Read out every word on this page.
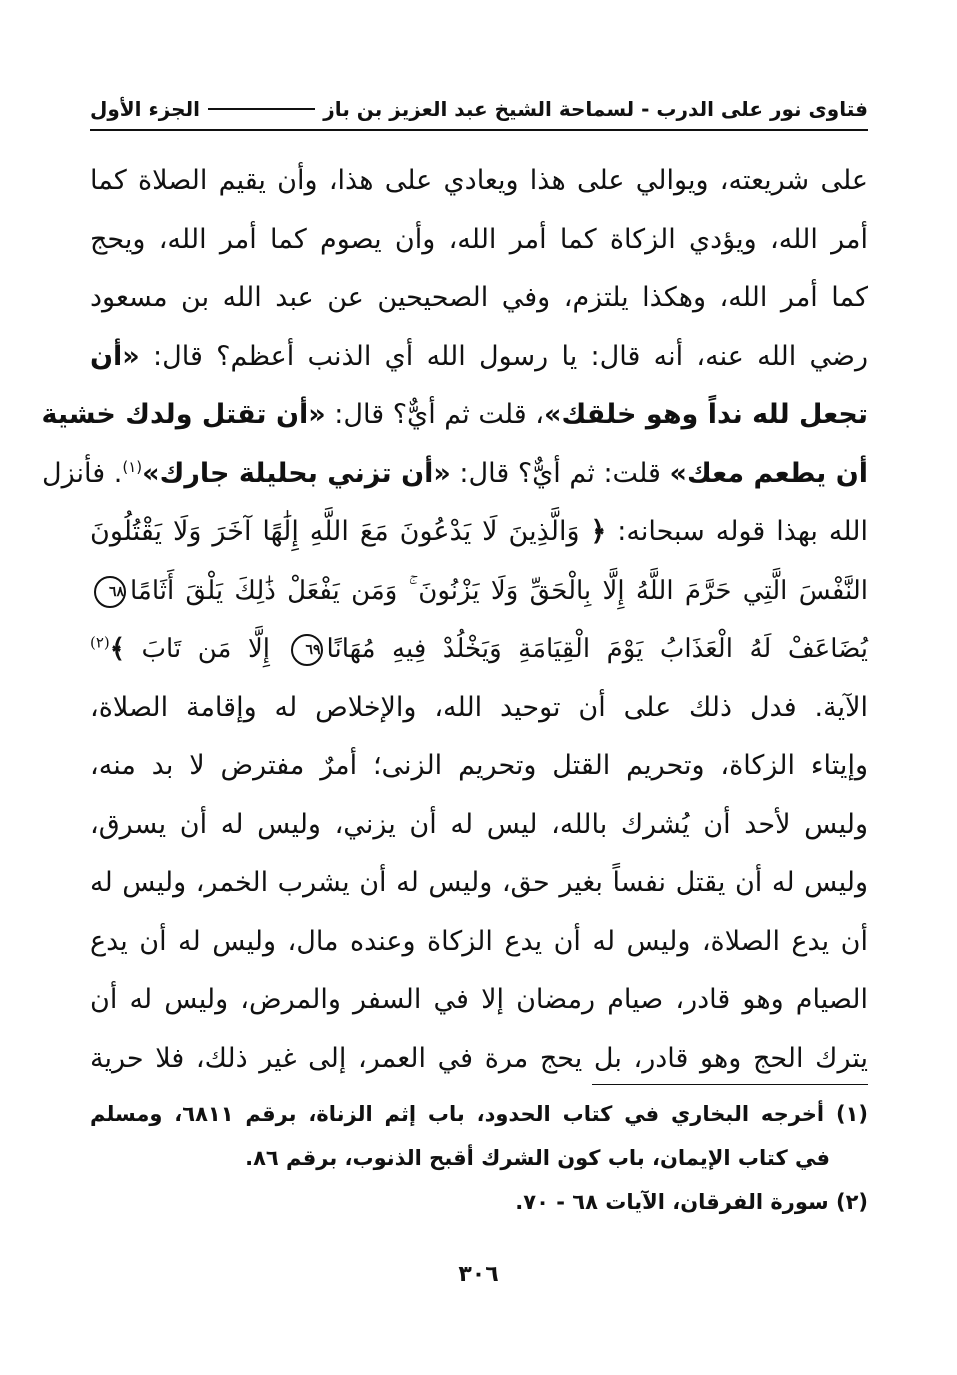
فتاوى نور على الدرب - لسماحة الشيخ عبد العزيز بن باز
الجزء الأول
على شريعته، ويوالي على هذا ويعادي على هذا، وأن يقيم الصلاة كما
أمر الله، ويؤدي الزكاة كما أمر الله، وأن يصوم كما أمر الله، ويحج
كما أمر الله، وهكذا يلتزم، وفي الصحيحين عن عبد الله بن مسعود
رضي الله عنه، أنه قال: يا رسول الله أي الذنب أعظم؟ قال: «أن
تجعل لله نداً وهو خلقك»، قلت ثم أيٌّ؟ قال: «أن تقتل ولدك خشية
أن يطعم معك» قلت: ثم أيٌّ؟ قال: «أن تزني بحليلة جارك»$^{(١)}$. فأنزل
الله بهذا قوله سبحانه: ﴿ وَالَّذِينَ لَا يَدْعُونَ مَعَ اللَّهِ إِلَٰهًا آخَرَ وَلَا يَقْتُلُونَ
النَّفْسَ الَّتِي حَرَّمَ اللَّهُ إِلَّا بِالْحَقِّ وَلَا يَزْنُونَ ۚ وَمَن يَفْعَلْ ذَٰلِكَ يَلْقَ أَثَامًا٦٨
يُضَاعَفْ لَهُ الْعَذَابُ يَوْمَ الْقِيَامَةِ وَيَخْلُدْ فِيهِ مُهَانًا٦٩ إِلَّا مَن تَابَ ﴾$^{(٢)}$
الآية. فدل ذلك على أن توحيد الله، والإخلاص له وإقامة الصلاة،
وإيتاء الزكاة، وتحريم القتل وتحريم الزنى؛ أمرٌ مفترض لا بد منه،
وليس لأحد أن يُشرك بالله، ليس له أن يزني، وليس له أن يسرق،
وليس له أن يقتل نفساً بغير حق، وليس له أن يشرب الخمر، وليس له
أن يدع الصلاة، وليس له أن يدع الزكاة وعنده مال، وليس له أن يدع
الصيام وهو قادر، صيام رمضان إلا في السفر والمرض، وليس له أن
يترك الحج وهو قادر، بل يحج مرة في العمر، إلى غير ذلك، فلا حرية
(١) أخرجه البخاري في كتاب الحدود، باب إثم الزناة، برقم ٦٨١١، ومسلم
في كتاب الإيمان، باب كون الشرك أقبح الذنوب، برقم ٨٦.
(٢) سورة الفرقان، الآيات ٦٨ - ٧٠.
٣٠٦
